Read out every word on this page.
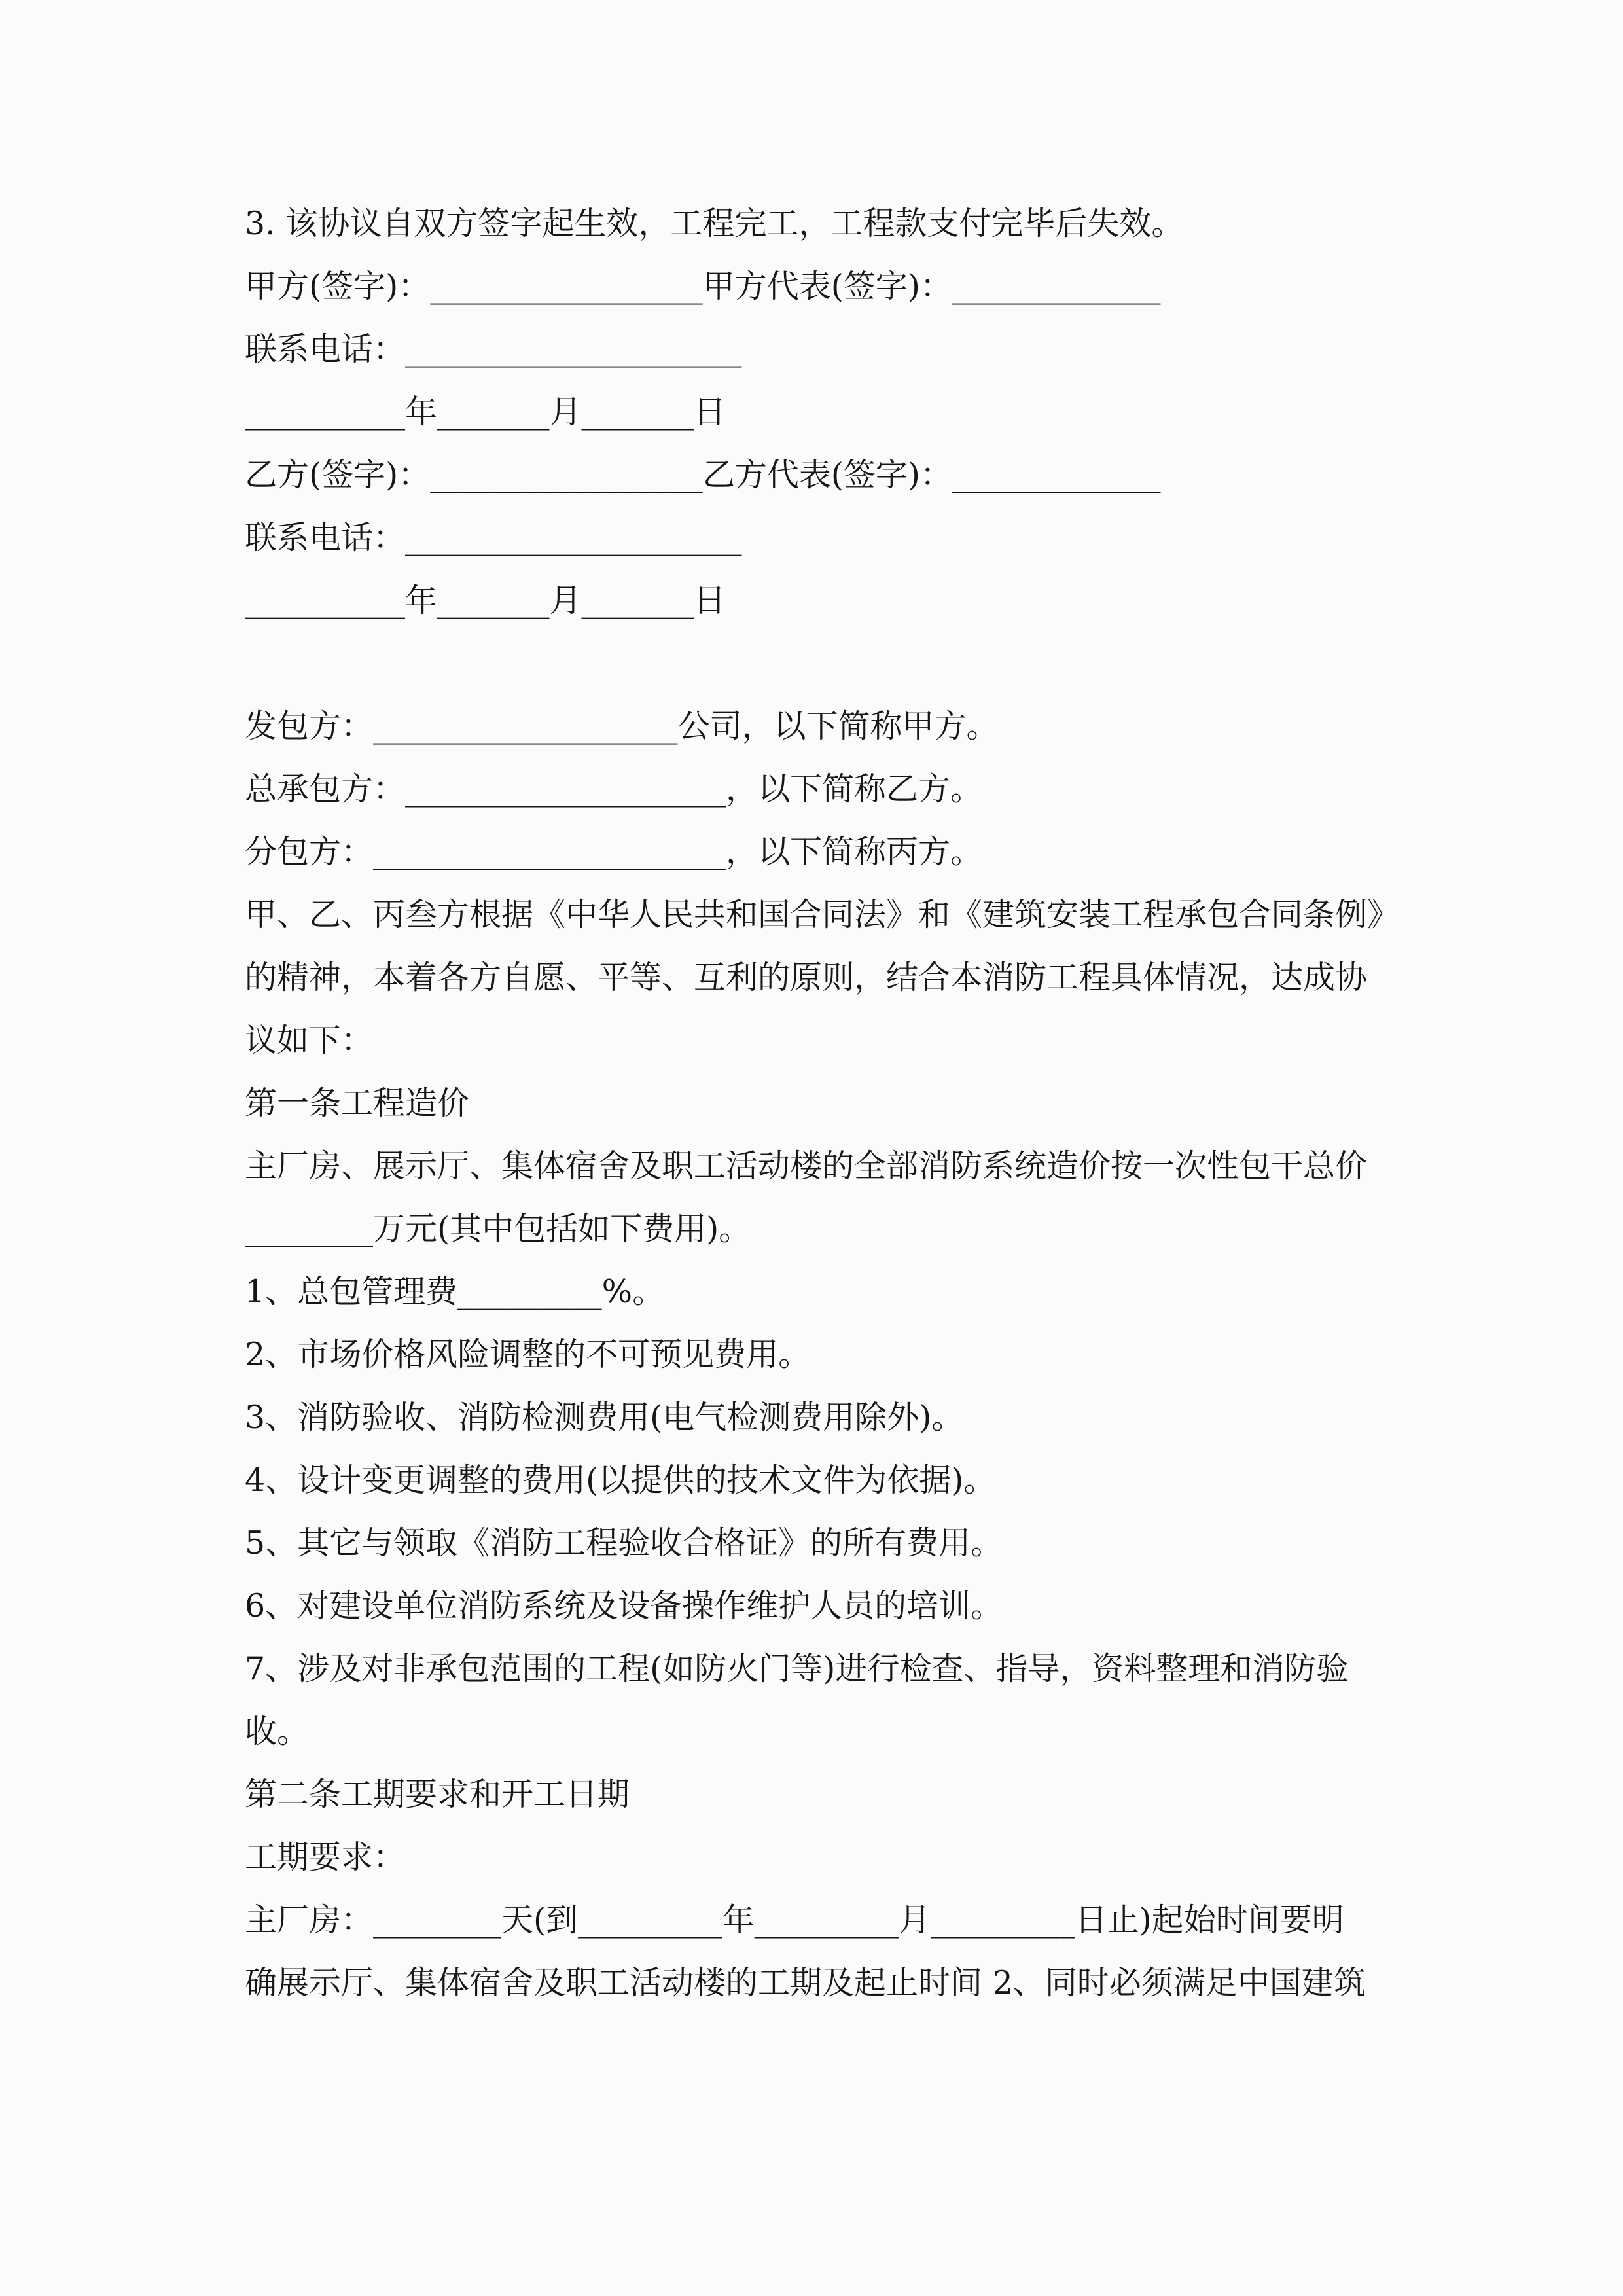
3. 该协议自双方签字起生效，工程完工，工程款支付完毕后失效。
甲方(签字)：_________________甲方代表(签字)：_____________
联系电话：_____________________
__________年_______月_______日
乙方(签字)：_________________乙方代表(签字)：_____________
联系电话：_____________________
__________年_______月_______日
发包方：___________________公司，以下简称甲方。
总承包方：____________________，以下简称乙方。
分包方：______________________，以下简称丙方。
甲、乙、丙叁方根据《中华人民共和国合同法》和《建筑安装工程承包合同条例》
的精神，本着各方自愿、平等、互利的原则，结合本消防工程具体情况，达成协
议如下：
第一条工程造价
主厂房、展示厅、集体宿舍及职工活动楼的全部消防系统造价按一次性包干总价
________万元(其中包括如下费用)。
1、总包管理费_________%。
2、市场价格风险调整的不可预见费用。
3、消防验收、消防检测费用(电气检测费用除外)。
4、设计变更调整的费用(以提供的技术文件为依据)。
5、其它与领取《消防工程验收合格证》的所有费用。
6、对建设单位消防系统及设备操作维护人员的培训。
7、涉及对非承包范围的工程(如防火门等)进行检查、指导，资料整理和消防验
收。
第二条工期要求和开工日期
工期要求：
主厂房：________天(到_________年_________月_________日止)起始时间要明
确展示厅、集体宿舍及职工活动楼的工期及起止时间 2、同时必须满足中国建筑
